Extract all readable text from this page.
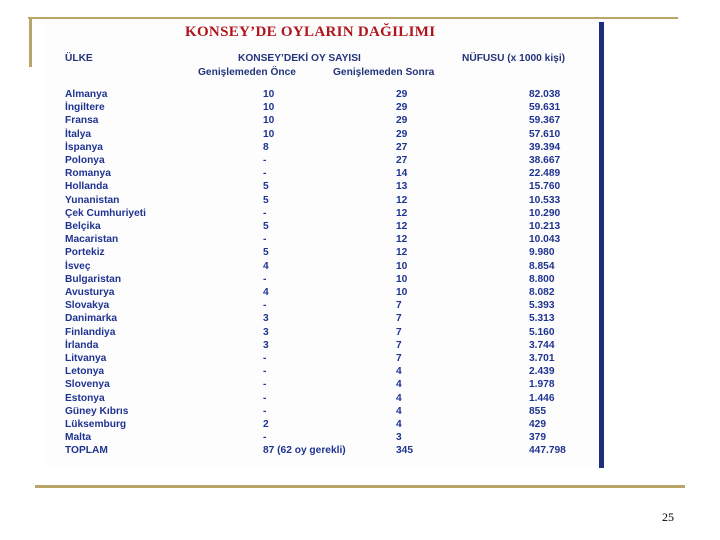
KONSEY’DE OYLARIN DAĞILIMI
ÜLKE	KONSEY’DEKİ OY SAYISI	NÜFUSU (x 1000 kişi)
Genişlemeden Önce	Genişlemeden Sonra
Almanya	10	29	82.038
İngiltere	10	29	59.631
Fransa	10	29	59.367
İtalya	10	29	57.610
İspanya	8	27	39.394
Polonya	-	27	38.667
Romanya	-	14	22.489
Hollanda	5	13	15.760
Yunanistan	5	12	10.533
Çek Cumhuriyeti	-	12	10.290
Belçika	5	12	10.213
Macaristan	-	12	10.043
Portekiz	5	12	9.980
İsveç	4	10	8.854
Bulgaristan	-	10	8.800
Avusturya	4	10	8.082
Slovakya	-	7	5.393
Danimarka	3	7	5.313
Finlandiya	3	7	5.160
İrlanda	3	7	3.744
Litvanya	-	7	3.701
Letonya	-	4	2.439
Slovenya	-	4	1.978
Estonya	-	4	1.446
Güney Kıbrıs	-	4	855
Lüksemburg	2	4	429
Malta	-	3	379
TOPLAM	87 (62 oy gerekli)	345	447.798
25
